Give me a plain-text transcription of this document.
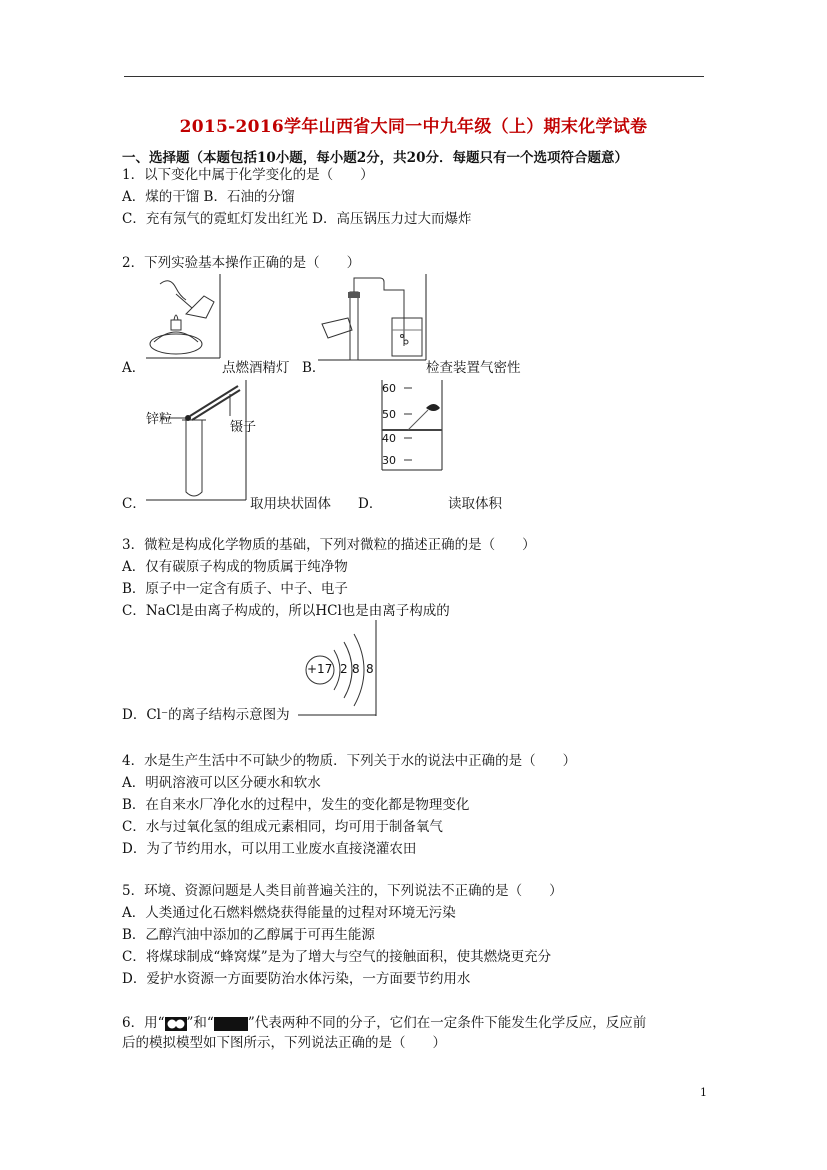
2015-2016学年山西省大同一中九年级（上）期末化学试卷
一、选择题（本题包括10小题，每小题2分，共20分．每题只有一个选项符合题意）
1．以下变化中属于化学变化的是（　　）
A．煤的干馏 B．石油的分馏
C．充有氖气的霓虹灯发出红光 D．高压锅压力过大而爆炸
2．下列实验基本操作正确的是（　　）
A．	点燃酒精灯 B．	检查装置气密性
锌粒
镊子
C．	取用块状固体
60
50
40
30
D．	读取体积
3．微粒是构成化学物质的基础，下列对微粒的描述正确的是（　　）
A．仅有碳原子构成的物质属于纯净物
B．原子中一定含有质子、中子、电子
C．NaCl是由离子构成的，所以HCl也是由离子构成的
+17 2 8 8
D．Cl⁻的离子结构示意图为
4．水是生产生活中不可缺少的物质．下列关于水的说法中正确的是（　　）
A．明矾溶液可以区分硬水和软水
B．在自来水厂净化水的过程中，发生的变化都是物理变化
C．水与过氧化氢的组成元素相同，均可用于制备氧气
D．为了节约用水，可以用工业废水直接浇灌农田
5．环境、资源问题是人类目前普遍关注的，下列说法不正确的是（　　）
A．人类通过化石燃料燃烧获得能量的过程对环境无污染
B．乙醇汽油中添加的乙醇属于可再生能源
C．将煤球制成“蜂窝煤”是为了增大与空气的接触面积，使其燃烧更充分
D．爱护水资源一方面要防治水体污染，一方面要节约用水
6．用“ ”和“	”代表两种不同的分子，它们在一定条件下能发生化学反应，反应前
后的模拟模型如下图所示，下列说法正确的是（　　）
1
